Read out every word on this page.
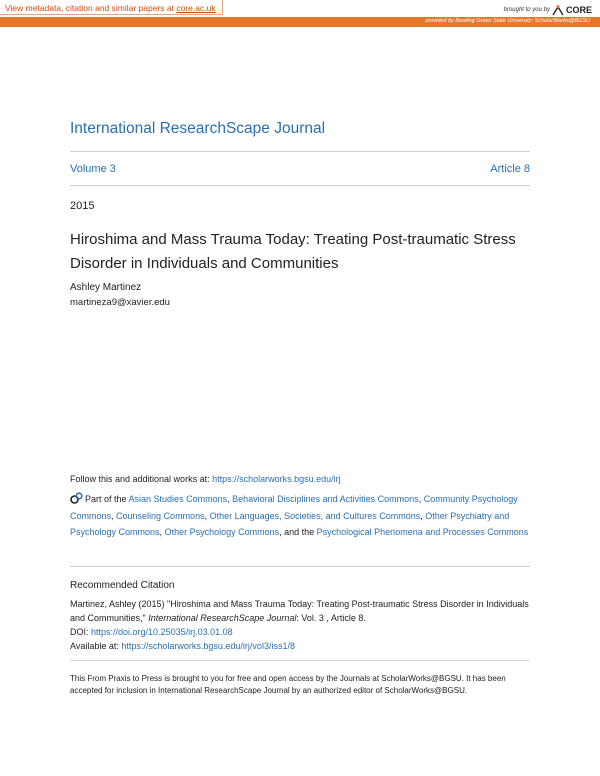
View metadata, citation and similar papers at core.ac.uk	brought to you by CORE
provided by Bowling Green State University: ScholarWorks@BGSU
International ResearchScape Journal
Volume 3	Article 8
2015
Hiroshima and Mass Trauma Today: Treating Post-traumatic Stress Disorder in Individuals and Communities
Ashley Martinez
martineza9@xavier.edu
Follow this and additional works at: https://scholarworks.bgsu.edu/irj
Part of the Asian Studies Commons, Behavioral Disciplines and Activities Commons, Community Psychology Commons, Counseling Commons, Other Languages, Societies, and Cultures Commons, Other Psychiatry and Psychology Commons, Other Psychology Commons, and the Psychological Phenomena and Processes Commons
Recommended Citation
Martinez, Ashley (2015) "Hiroshima and Mass Trauma Today: Treating Post-traumatic Stress Disorder in Individuals and Communities," International ResearchScape Journal: Vol. 3 , Article 8.
DOI: https://doi.org/10.25035/irj.03.01.08
Available at: https://scholarworks.bgsu.edu/irj/vol3/iss1/8
This From Praxis to Press is brought to you for free and open access by the Journals at ScholarWorks@BGSU. It has been accepted for inclusion in International ResearchScape Journal by an authorized editor of ScholarWorks@BGSU.
